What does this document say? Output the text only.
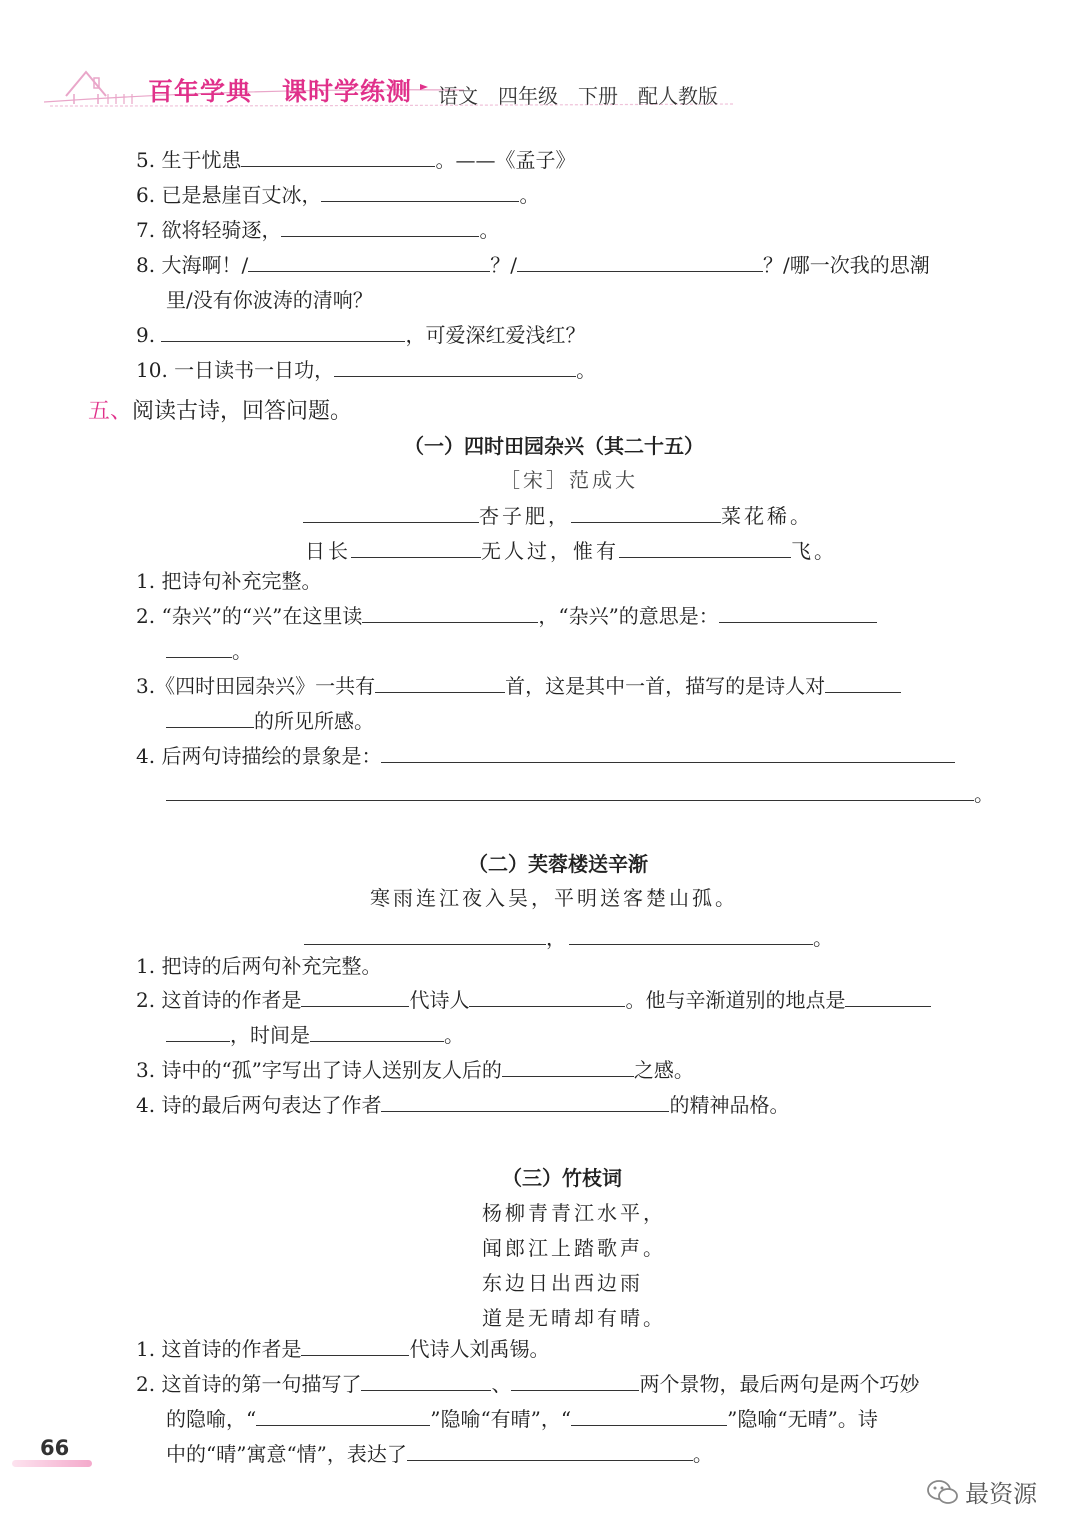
百年学典 课时学练测 语文 四年级 下册 配人教版
5. 生于忧患	。——《孟子》
6. 已是悬崖百丈冰，	。
7. 欲将轻骑逐，	。
8. 大海啊！/	？/	？/哪一次我的思潮
里/没有你波涛的清响？
9.	，可爱深红爱浅红？
10. 一日读书一日功，	。
五、阅读古诗，回答问题。
（一）四时田园杂兴（其二十五）
［宋］范成大
杏子肥，	菜花稀。
日长	无人过，惟有	飞。
1. 把诗句补充完整。
2. “杂兴”的“兴”在这里读	，“杂兴”的意思是：
。
3.《四时田园杂兴》一共有	首，这是其中一首，描写的是诗人对
的所见所感。
4. 后两句诗描绘的景象是：
。
（二）芙蓉楼送辛渐
寒雨连江夜入吴，平明送客楚山孤。
，	。
1. 把诗的后两句补充完整。
2. 这首诗的作者是	代诗人	。他与辛渐道别的地点是
，时间是	。
3. 诗中的“孤”字写出了诗人送别友人后的	之感。
4. 诗的最后两句表达了作者	的精神品格。
（三）竹枝词
杨柳青青江水平，
闻郎江上踏歌声。
东边日出西边雨
道是无晴却有晴。
1. 这首诗的作者是	代诗人刘禹锡。
2. 这首诗的第一句描写了	、	两个景物，最后两句是两个巧妙
的隐喻，“	”隐喻“有晴”，“	”隐喻“无晴”。诗
中的“晴”寓意“情”，表达了	。
66
最资源
